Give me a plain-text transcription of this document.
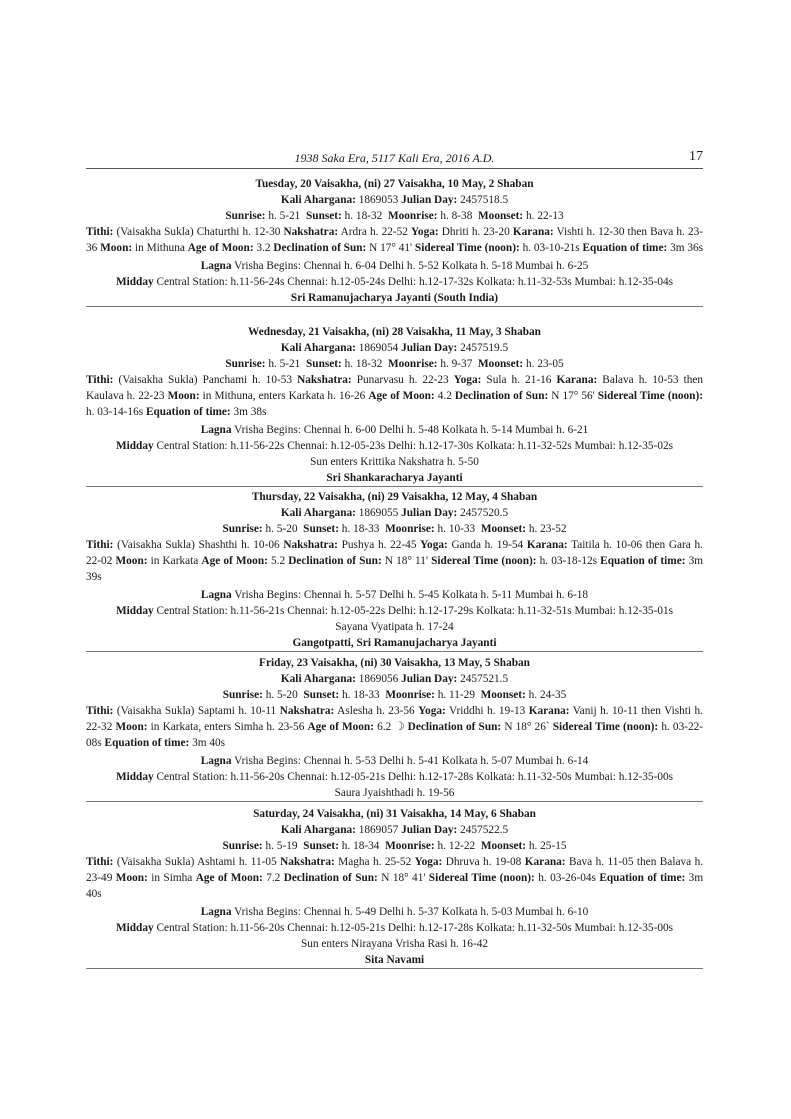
1938 Saka Era, 5117 Kali Era, 2016 A.D.	17
Tuesday, 20 Vaisakha, (ni) 27 Vaisakha, 10 May, 2 Shaban
Kali Ahargana: 1869053 Julian Day: 2457518.5
Sunrise: h. 5-21 Sunset: h. 18-32 Moonrise: h. 8-38 Moonset: h. 22-13
Tithi: (Vaisakha Sukla) Chaturthi h. 12-30 Nakshatra: Ardra h. 22-52 Yoga: Dhriti h. 23-20 Karana: Vishti h. 12-30 then Bava h. 23-36 Moon: in Mithuna Age of Moon: 3.2 Declination of Sun: N 17° 41' Sidereal Time (noon): h. 03-10-21s Equation of time: 3m 36s
Lagna Vrisha Begins: Chennai h. 6-04 Delhi h. 5-52 Kolkata h. 5-18 Mumbai h. 6-25
Midday Central Station: h.11-56-24s Chennai: h.12-05-24s Delhi: h.12-17-32s Kolkata: h.11-32-53s Mumbai: h.12-35-04s
Sri Ramanujacharya Jayanti (South India)
Wednesday, 21 Vaisakha, (ni) 28 Vaisakha, 11 May, 3 Shaban
Kali Ahargana: 1869054 Julian Day: 2457519.5
Sunrise: h. 5-21 Sunset: h. 18-32 Moonrise: h. 9-37 Moonset: h. 23-05
Tithi: (Vaisakha Sukla) Panchami h. 10-53 Nakshatra: Punarvasu h. 22-23 Yoga: Sula h. 21-16 Karana: Balava h. 10-53 then Kaulava h. 22-23 Moon: in Mithuna, enters Karkata h. 16-26 Age of Moon: 4.2 Declination of Sun: N 17° 56' Sidereal Time (noon): h. 03-14-16s Equation of time: 3m 38s
Lagna Vrisha Begins: Chennai h. 6-00 Delhi h. 5-48 Kolkata h. 5-14 Mumbai h. 6-21
Midday Central Station: h.11-56-22s Chennai: h.12-05-23s Delhi: h.12-17-30s Kolkata: h.11-32-52s Mumbai: h.12-35-02s
Sun enters Krittika Nakshatra h. 5-50
Sri Shankaracharya Jayanti
Thursday, 22 Vaisakha, (ni) 29 Vaisakha, 12 May, 4 Shaban
Kali Ahargana: 1869055 Julian Day: 2457520.5
Sunrise: h. 5-20 Sunset: h. 18-33 Moonrise: h. 10-33 Moonset: h. 23-52
Tithi: (Vaisakha Sukla) Shashthi h. 10-06 Nakshatra: Pushya h. 22-45 Yoga: Ganda h. 19-54 Karana: Taitila h. 10-06 then Gara h. 22-02 Moon: in Karkata Age of Moon: 5.2 Declination of Sun: N 18° 11' Sidereal Time (noon): h. 03-18-12s Equation of time: 3m 39s
Lagna Vrisha Begins: Chennai h. 5-57 Delhi h. 5-45 Kolkata h. 5-11 Mumbai h. 6-18
Midday Central Station: h.11-56-21s Chennai: h.12-05-22s Delhi: h.12-17-29s Kolkata: h.11-32-51s Mumbai: h.12-35-01s
Sayana Vyatipata h. 17-24
Gangotpatti, Sri Ramanujacharya Jayanti
Friday, 23 Vaisakha, (ni) 30 Vaisakha, 13 May, 5 Shaban
Kali Ahargana: 1869056 Julian Day: 2457521.5
Sunrise: h. 5-20 Sunset: h. 18-33 Moonrise: h. 11-29 Moonset: h. 24-35
Tithi: (Vaisakha Sukla) Saptami h. 10-11 Nakshatra: Aslesha h. 23-56 Yoga: Vriddhi h. 19-13 Karana: Vanij h. 10-11 then Vishti h. 22-32 Moon: in Karkata, enters Simha h. 23-56 Age of Moon: 6.2 ☽ Declination of Sun: N 18° 26` Sidereal Time (noon): h. 03-22-08s Equation of time: 3m 40s
Lagna Vrisha Begins: Chennai h. 5-53 Delhi h. 5-41 Kolkata h. 5-07 Mumbai h. 6-14
Midday Central Station: h.11-56-20s Chennai: h.12-05-21s Delhi: h.12-17-28s Kolkata: h.11-32-50s Mumbai: h.12-35-00s
Saura Jyaishthadi h. 19-56
Saturday, 24 Vaisakha, (ni) 31 Vaisakha, 14 May, 6 Shaban
Kali Ahargana: 1869057 Julian Day: 2457522.5
Sunrise: h. 5-19 Sunset: h. 18-34 Moonrise: h. 12-22 Moonset: h. 25-15
Tithi: (Vaisakha Sukla) Ashtami h. 11-05 Nakshatra: Magha h. 25-52 Yoga: Dhruva h. 19-08 Karana: Bava h. 11-05 then Balava h. 23-49 Moon: in Simha Age of Moon: 7.2 Declination of Sun: N 18° 41' Sidereal Time (noon): h. 03-26-04s Equation of time: 3m 40s
Lagna Vrisha Begins: Chennai h. 5-49 Delhi h. 5-37 Kolkata h. 5-03 Mumbai h. 6-10
Midday Central Station: h.11-56-20s Chennai: h.12-05-21s Delhi: h.12-17-28s Kolkata: h.11-32-50s Mumbai: h.12-35-00s
Sun enters Nirayana Vrisha Rasi h. 16-42
Sita Navami
